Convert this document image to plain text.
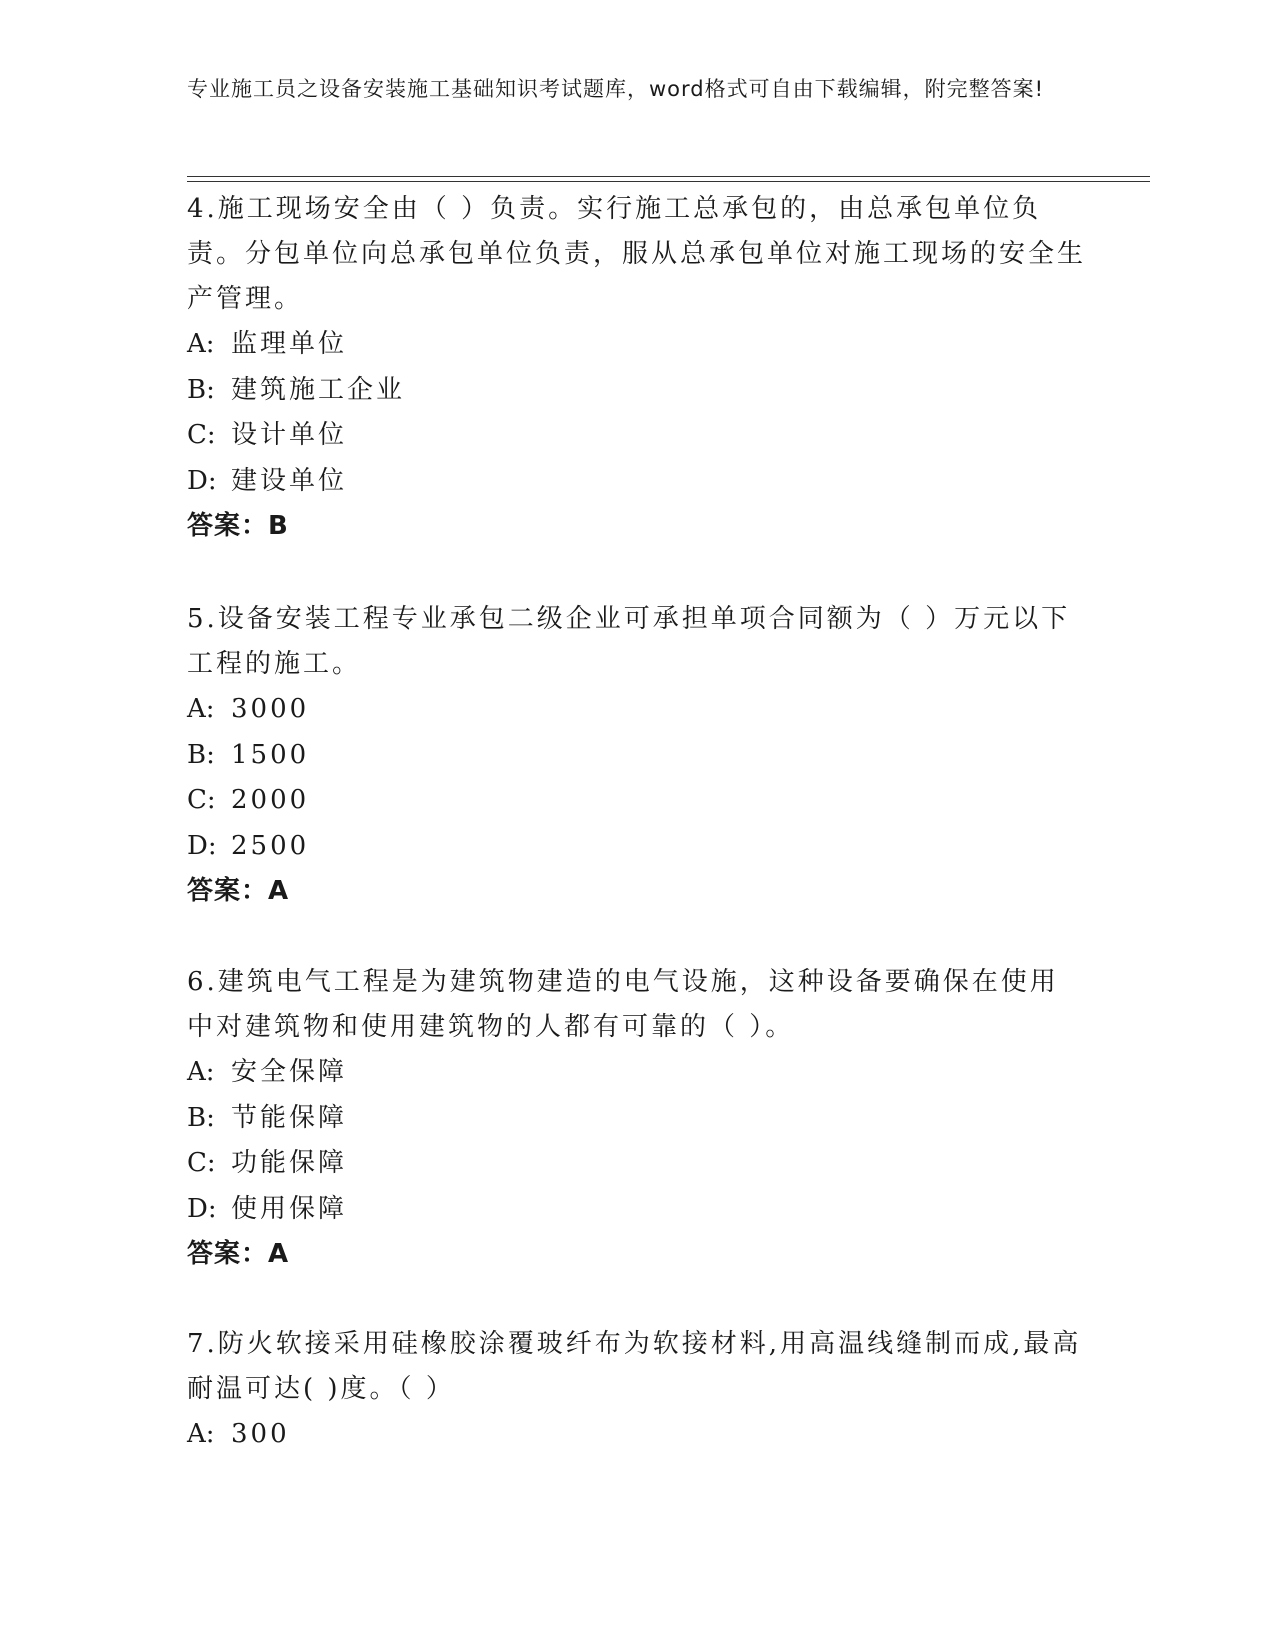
专业施工员之设备安装施工基础知识考试题库，word格式可自由下载编辑，附完整答案!

4.施工现场安全由（ ）负责。实行施工总承包的，由总承包单位负责。分包单位向总承包单位负责，服从总承包单位对施工现场的安全生产管理。

A: 监理单位

B: 建筑施工企业

C: 设计单位

D: 建设单位

答案：B

5.设备安装工程专业承包二级企业可承担单项合同额为（ ）万元以下工程的施工。

A: 3000

B: 1500

C: 2000

D: 2500

答案：A

6.建筑电气工程是为建筑物建造的电气设施，这种设备要确保在使用中对建筑物和使用建筑物的人都有可靠的（ ）。

A: 安全保障

B: 节能保障

C: 功能保障

D: 使用保障

答案：A

7.防火软接采用硅橡胶涂覆玻纤布为软接材料,用高温线缝制而成,最高耐温可达( )度。（ ）

A: 300
